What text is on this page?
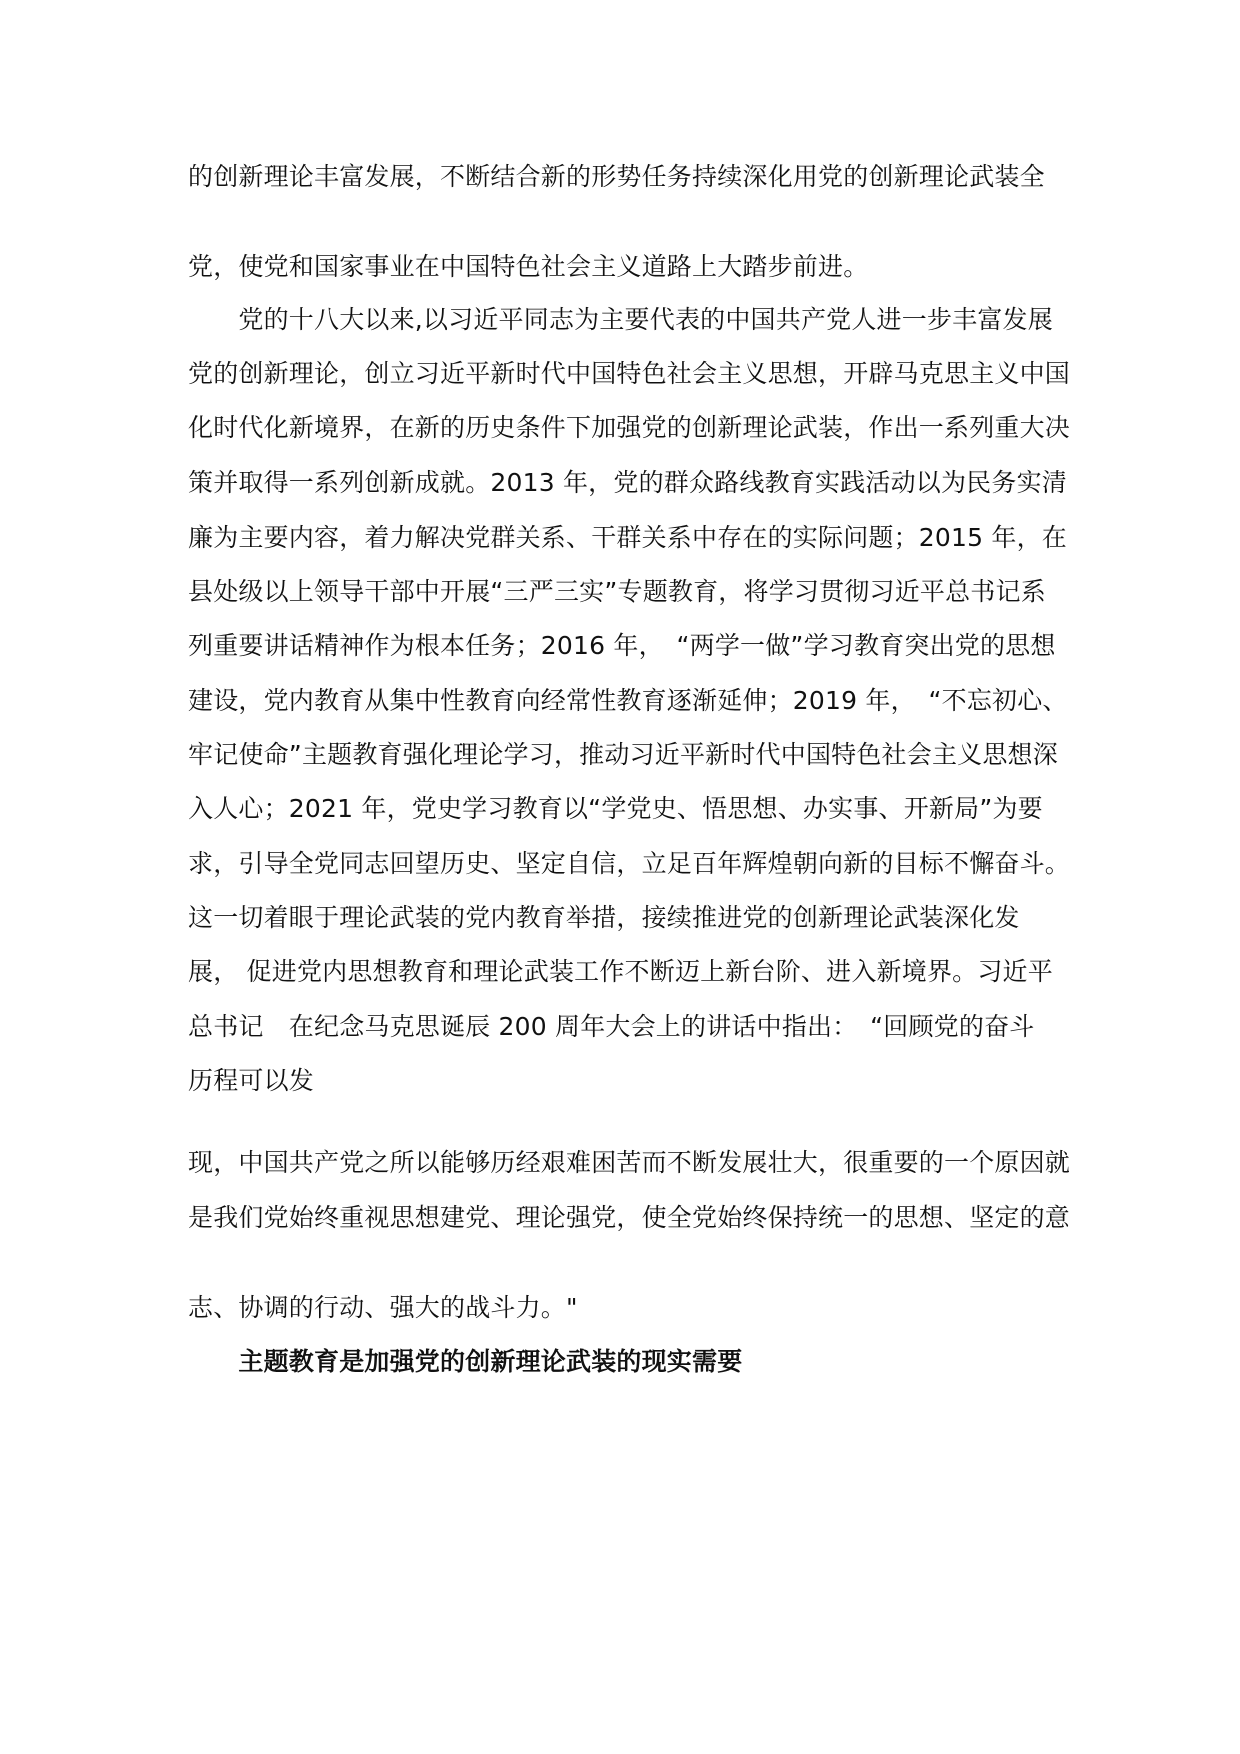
的创新理论丰富发展，不断结合新的形势任务持续深化用党的创新理论武装全
党，使党和国家事业在中国特色社会主义道路上大踏步前进。
　　党的十八大以来,以习近平同志为主要代表的中国共产党人进一步丰富发展
党的创新理论，创立习近平新时代中国特色社会主义思想，开辟马克思主义中国
化时代化新境界，在新的历史条件下加强党的创新理论武装，作出一系列重大决
策并取得一系列创新成就。2013 年，党的群众路线教育实践活动以为民务实清
廉为主要内容，着力解决党群关系、干群关系中存在的实际问题；2015 年，在
县处级以上领导干部中开展“三严三实”专题教育，将学习贯彻习近平总书记系
列重要讲话精神作为根本任务；2016 年，　“两学一做”学习教育突出党的思想
建设，党内教育从集中性教育向经常性教育逐渐延伸；2019 年，　“不忘初心、
牢记使命”主题教育强化理论学习，推动习近平新时代中国特色社会主义思想深
入人心；2021 年，党史学习教育以“学党史、悟思想、办实事、开新局”为要
求，引导全党同志回望历史、坚定自信，立足百年辉煌朝向新的目标不懈奋斗。
这一切着眼于理论武装的党内教育举措，接续推进党的创新理论武装深化发
展， 促进党内思想教育和理论武装工作不断迈上新台阶、进入新境界。习近平
总书记　在纪念马克思诞辰 200 周年大会上的讲话中指出：　“回顾党的奋斗
历程可以发
现，中国共产党之所以能够历经艰难困苦而不断发展壮大，很重要的一个原因就
是我们党始终重视思想建党、理论强党，使全党始终保持统一的思想、坚定的意
志、协调的行动、强大的战斗力。"
　　主题教育是加强党的创新理论武装的现实需要
